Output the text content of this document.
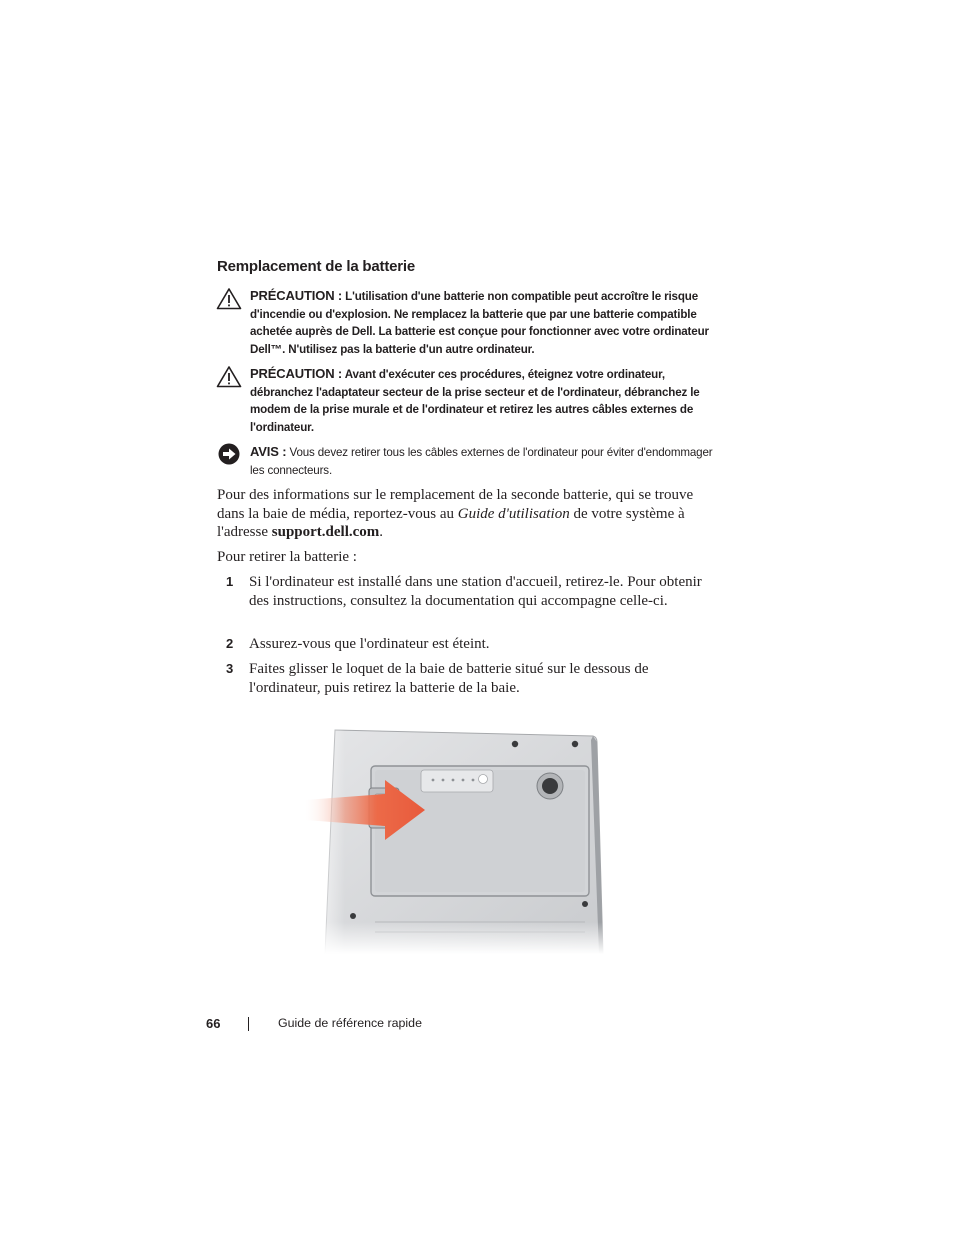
Remplacement de la batterie
PRÉCAUTION : L'utilisation d'une batterie non compatible peut accroître le risque d'incendie ou d'explosion. Ne remplacez la batterie que par une batterie compatible achetée auprès de Dell. La batterie est conçue pour fonctionner avec votre ordinateur Dell™. N'utilisez pas la batterie d'un autre ordinateur.
PRÉCAUTION : Avant d'exécuter ces procédures, éteignez votre ordinateur, débranchez l'adaptateur secteur de la prise secteur et de l'ordinateur, débranchez le modem de la prise murale et de l'ordinateur et retirez les autres câbles externes de l'ordinateur.
AVIS : Vous devez retirer tous les câbles externes de l'ordinateur pour éviter d'endommager les connecteurs.

Pour des informations sur le remplacement de la seconde batterie, qui se trouve dans la baie de média, reportez-vous au Guide d'utilisation de votre système à l'adresse support.dell.com.

Pour retirer la batterie :

1 Si l'ordinateur est installé dans une station d'accueil, retirez-le. Pour obtenir des instructions, consultez la documentation qui accompagne celle-ci.
2 Assurez-vous que l'ordinateur est éteint.
3 Faites glisser le loquet de la baie de batterie situé sur le dessous de l'ordinateur, puis retirez la batterie de la baie.
66	Guide de référence rapide
